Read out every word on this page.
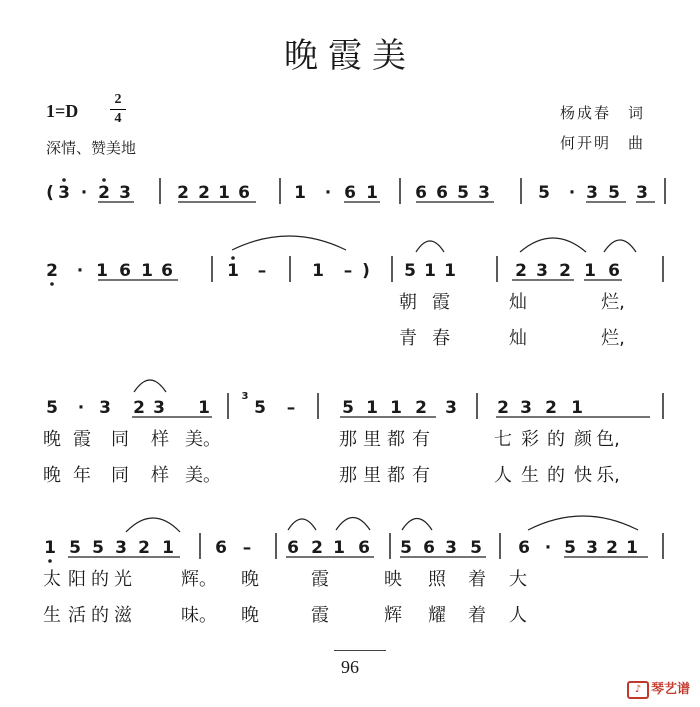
晚霞美
1=D
2
4
深情、赞美地
杨成春　词
何开明　曲
( 3 · 2 3	2 2 1 6	1 · 6 1 6 6 5 3	5 · 3 5 3
2 · 1 6 1 6	1 –	1 – ) 5 1 1	2 3 2 1 6
朝 霞	灿	烂,
青 春	灿	烂,
5 · 3 2 3 1	5 –	5 1 1 2 3 2 3 2 1
晚 霞 同 样 美。	那 里 都 有	七 彩 的 颜 色,
晚 年 同 样 美。	那 里 都 有	人 生 的 快 乐,
3
1 5 5 3 2 1 6 – 6 2 1 6 5 6 3 5 6 · 5 3 2 1
太 阳 的 光	辉。 晚	霞	映 照 着 大
生 活 的 滋	味。 晚	霞	辉 耀 着 人
96
♪ 琴艺谱
